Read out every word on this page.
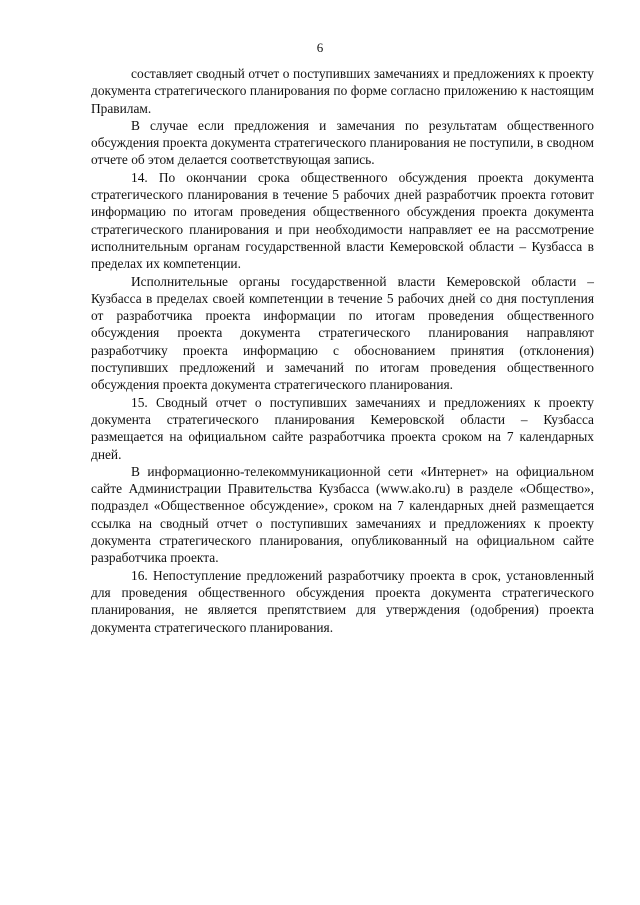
6

составляет сводный отчет о поступивших замечаниях и предложениях к проекту документа стратегического планирования по форме согласно приложению к настоящим Правилам.

В случае если предложения и замечания по результатам общественного обсуждения проекта документа стратегического планирования не поступили, в сводном отчете об этом делается соответствующая запись.

14. По окончании срока общественного обсуждения проекта документа стратегического планирования в течение 5 рабочих дней разработчик проекта готовит информацию по итогам проведения общественного обсуждения проекта документа стратегического планирования и при необходимости направляет ее на рассмотрение исполнительным органам государственной власти Кемеровской области – Кузбасса в пределах их компетенции.

Исполнительные органы государственной власти Кемеровской области – Кузбасса в пределах своей компетенции в течение 5 рабочих дней со дня поступления от разработчика проекта информации по итогам проведения общественного обсуждения проекта документа стратегического планирования направляют разработчику проекта информацию с обоснованием принятия (отклонения) поступивших предложений и замечаний по итогам проведения общественного обсуждения проекта документа стратегического планирования.

15. Сводный отчет о поступивших замечаниях и предложениях к проекту документа стратегического планирования Кемеровской области – Кузбасса размещается на официальном сайте разработчика проекта сроком на 7 календарных дней.

В информационно-телекоммуникационной сети «Интернет» на официальном сайте Администрации Правительства Кузбасса (www.ako.ru) в разделе «Общество», подраздел «Общественное обсуждение», сроком на 7 календарных дней размещается ссылка на сводный отчет о поступивших замечаниях и предложениях к проекту документа стратегического планирования, опубликованный на официальном сайте разработчика проекта.

16. Непоступление предложений разработчику проекта в срок, установленный для проведения общественного обсуждения проекта документа стратегического планирования, не является препятствием для утверждения (одобрения) проекта документа стратегического планирования.
